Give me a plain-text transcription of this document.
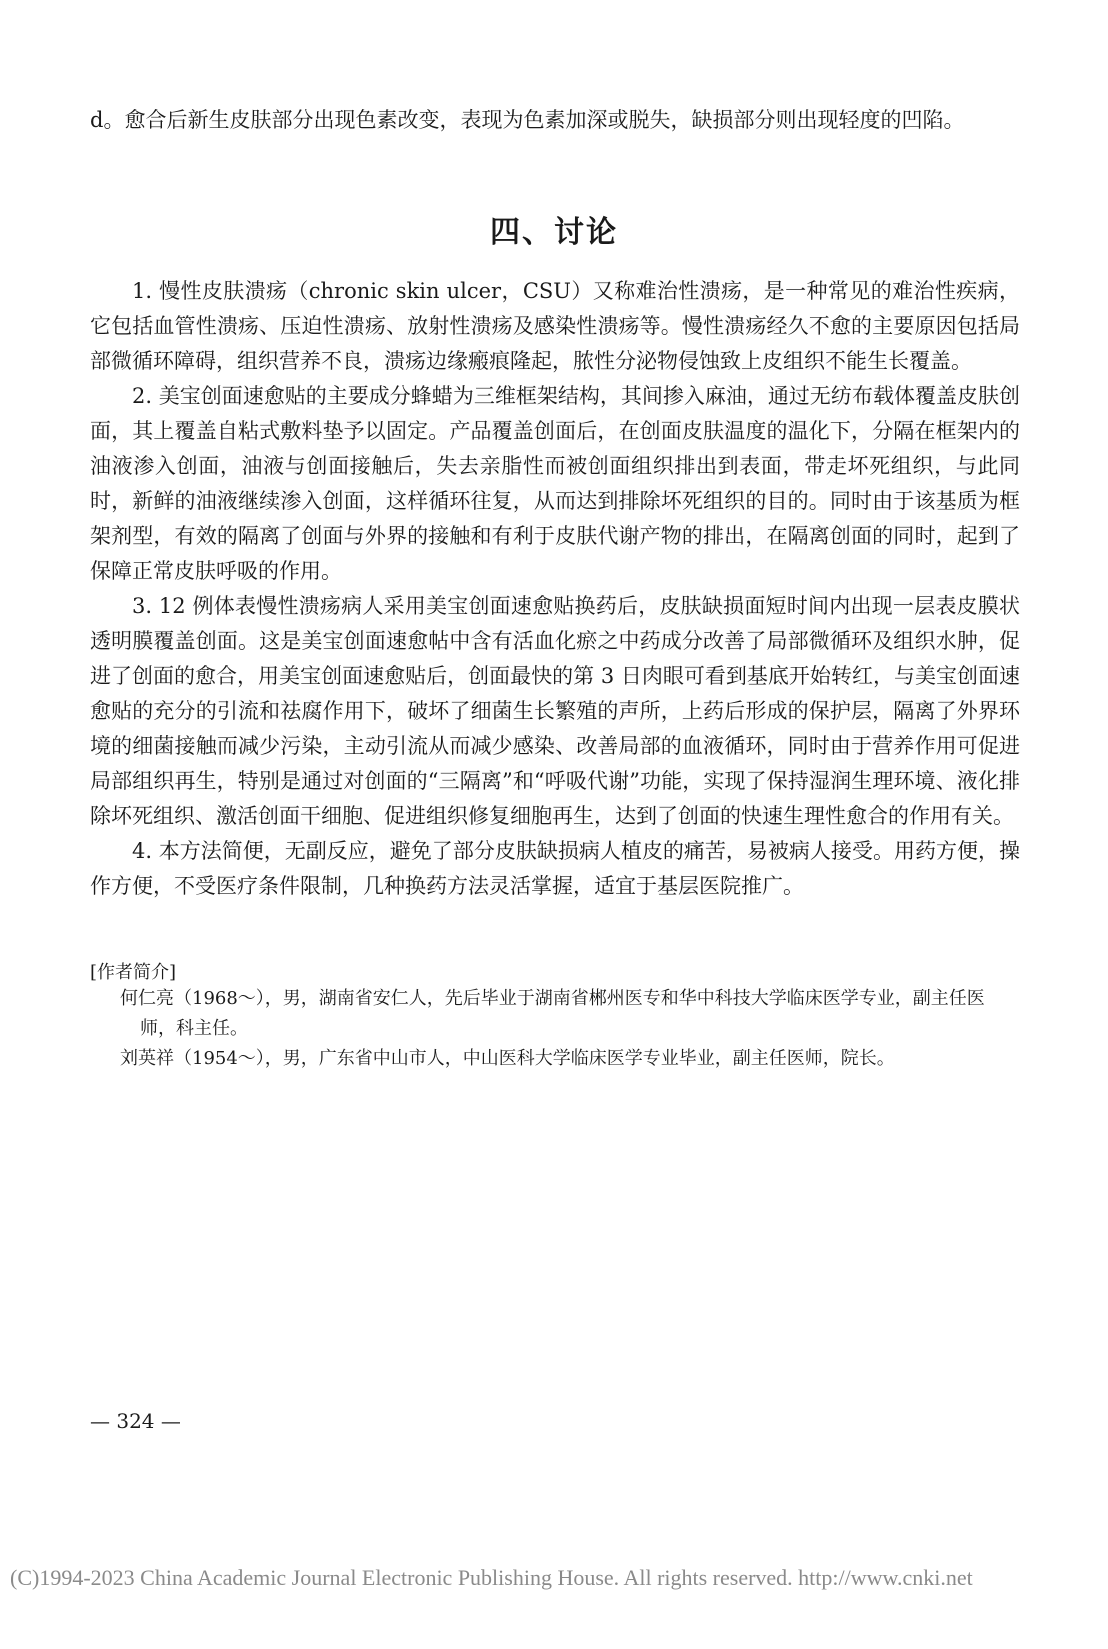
d。愈合后新生皮肤部分出现色素改变，表现为色素加深或脱失，缺损部分则出现轻度的凹陷。

四、讨论

1. 慢性皮肤溃疡（chronic skin ulcer，CSU）又称难治性溃疡，是一种常见的难治性疾病，它包括血管性溃疡、压迫性溃疡、放射性溃疡及感染性溃疡等。慢性溃疡经久不愈的主要原因包括局部微循环障碍，组织营养不良，溃疡边缘瘢痕隆起，脓性分泌物侵蚀致上皮组织不能生长覆盖。

2. 美宝创面速愈贴的主要成分蜂蜡为三维框架结构，其间掺入麻油，通过无纺布载体覆盖皮肤创面，其上覆盖自粘式敷料垫予以固定。产品覆盖创面后，在创面皮肤温度的温化下，分隔在框架内的油液渗入创面，油液与创面接触后，失去亲脂性而被创面组织排出到表面，带走坏死组织，与此同时，新鲜的油液继续渗入创面，这样循环往复，从而达到排除坏死组织的目的。同时由于该基质为框架剂型，有效的隔离了创面与外界的接触和有利于皮肤代谢产物的排出，在隔离创面的同时，起到了保障正常皮肤呼吸的作用。

3. 12 例体表慢性溃疡病人采用美宝创面速愈贴换药后，皮肤缺损面短时间内出现一层表皮膜状透明膜覆盖创面。这是美宝创面速愈帖中含有活血化瘀之中药成分改善了局部微循环及组织水肿，促进了创面的愈合，用美宝创面速愈贴后，创面最快的第 3 日肉眼可看到基底开始转红，与美宝创面速愈贴的充分的引流和祛腐作用下，破坏了细菌生长繁殖的声所，上药后形成的保护层，隔离了外界环境的细菌接触而减少污染，主动引流从而减少感染、改善局部的血液循环，同时由于营养作用可促进局部组织再生，特别是通过对创面的“三隔离”和“呼吸代谢”功能，实现了保持湿润生理环境、液化排除坏死组织、激活创面干细胞、促进组织修复细胞再生，达到了创面的快速生理性愈合的作用有关。

4. 本方法简便，无副反应，避免了部分皮肤缺损病人植皮的痛苦，易被病人接受。用药方便，操作方便，不受医疗条件限制，几种换药方法灵活掌握，适宜于基层医院推广。

[作者简介]

何仁亮（1968～），男，湖南省安仁人，先后毕业于湖南省郴州医专和华中科技大学临床医学专业，副主任医师，科主任。

刘英祥（1954～），男，广东省中山市人，中山医科大学临床医学专业毕业，副主任医师，院长。

— 324 —

(C)1994-2023 China Academic Journal Electronic Publishing House. All rights reserved. http://www.cnki.net
